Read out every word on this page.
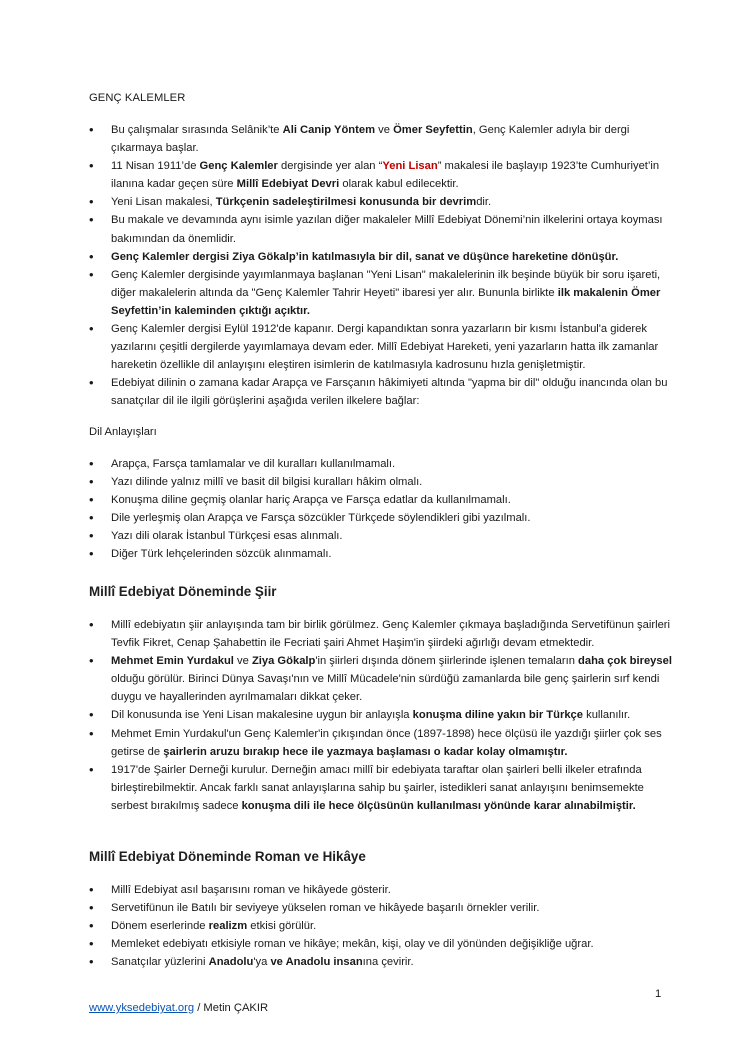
GENÇ KALEMLER
• Bu çalışmalar sırasında Selânik’te Ali Canip Yöntem ve Ömer Seyfettin, Genç Kalemler adıyla bir dergi çıkarmaya başlar.
• 11 Nisan 1911’de Genç Kalemler dergisinde yer alan “Yeni Lisan” makalesi ile başlayıp 1923’te Cumhuriyet’in ilanına kadar geçen süre Millî Edebiyat Devri olarak kabul edilecektir.
• Yeni Lisan makalesi, Türkçenin sadeleştirilmesi konusunda bir devrimdir.
• Bu makale ve devamında aynı isimle yazılan diğer makaleler Millî Edebiyat Dönemi’nin ilkelerini ortaya koyması bakımından da önemlidir.
• Genç Kalemler dergisi Ziya Gökalp’in katılmasıyla bir dil, sanat ve düşünce hareketine dönüşür.
• Genç Kalemler dergisinde yayımlanmaya başlanan "Yeni Lisan" makalelerinin ilk beşinde büyük bir soru işareti, diğer makalelerin altında da "Genç Kalemler Tahrir Heyeti" ibaresi yer alır. Bununla birlikte ilk makalenin Ömer Seyfettin’in kaleminden çıktığı açıktır.
• Genç Kalemler dergisi Eylül 1912'de kapanır. Dergi kapandıktan sonra yazarların bir kısmı İstanbul'a giderek yazılarını çeşitli dergilerde yayımlamaya devam eder. Millî Edebiyat Hareketi, yeni yazarların hatta ilk zamanlar hareketin özellikle dil anlayışını eleştiren isimlerin de katılmasıyla kadrosunu hızla genişletmiştir.
• Edebiyat dilinin o zamana kadar Arapça ve Farsçanın hâkimiyeti altında "yapma bir dil" olduğu inancında olan bu sanatçılar dil ile ilgili görüşlerini aşağıda verilen ilkelere bağlar:
Dil Anlayışları
• Arapça, Farsça tamlamalar ve dil kuralları kullanılmamalı.
• Yazı dilinde yalnız millî ve basit dil bilgisi kuralları hâkim olmalı.
• Konuşma diline geçmiş olanlar hariç Arapça ve Farsça edatlar da kullanılmamalı.
• Dile yerleşmiş olan Arapça ve Farsça sözcükler Türkçede söylendikleri gibi yazılmalı.
• Yazı dili olarak İstanbul Türkçesi esas alınmalı.
• Diğer Türk lehçelerinden sözcük alınmamalı.
Millî Edebiyat Döneminde Şiir
• Millî edebiyatın şiir anlayışında tam bir birlik görülmez. Genç Kalemler çıkmaya başladığında Servetifünun şairleri Tevfik Fikret, Cenap Şahabettin ile Fecriati şairi Ahmet Haşim'in şiirdeki ağırlığı devam etmektedir.
• Mehmet Emin Yurdakul ve Ziya Gökalp'in şiirleri dışında dönem şiirlerinde işlenen temaların daha çok bireysel olduğu görülür. Birinci Dünya Savaşı'nın ve Millî Mücadele'nin sürdüğü zamanlarda bile genç şairlerin sırf kendi duygu ve hayallerinden ayrılmamaları dikkat çeker.
• Dil konusunda ise Yeni Lisan makalesine uygun bir anlayışla konuşma diline yakın bir Türkçe kullanılır.
• Mehmet Emin Yurdakul'un Genç Kalemler'in çıkışından önce (1897-1898) hece ölçüsü ile yazdığı şiirler çok ses getirse de şairlerin aruzu bırakıp hece ile yazmaya başlaması o kadar kolay olmamıştır.
• 1917'de Şairler Derneği kurulur. Derneğin amacı millî bir edebiyata taraftar olan şairleri belli ilkeler etrafında birleştirebilmektir. Ancak farklı sanat anlayışlarına sahip bu şairler, istedikleri sanat anlayışını benimsemekte serbest bırakılmış sadece konuşma dili ile hece ölçüsünün kullanılması yönünde karar alınabilmiştir.
Millî Edebiyat Döneminde Roman ve Hikâye
• Millî Edebiyat asıl başarısını roman ve hikâyede gösterir.
• Servetifünun ile Batılı bir seviyeye yükselen roman ve hikâyede başarılı örnekler verilir.
• Dönem eserlerinde realizm etkisi görülür.
• Memleket edebiyatı etkisiyle roman ve hikâye; mekân, kişi, olay ve dil yönünden değişikliğe uğrar.
• Sanatçılar yüzlerini Anadolu'ya ve Anadolu insanına çevirir.
1
www.yksedebiyat.org / Metin ÇAKIR
